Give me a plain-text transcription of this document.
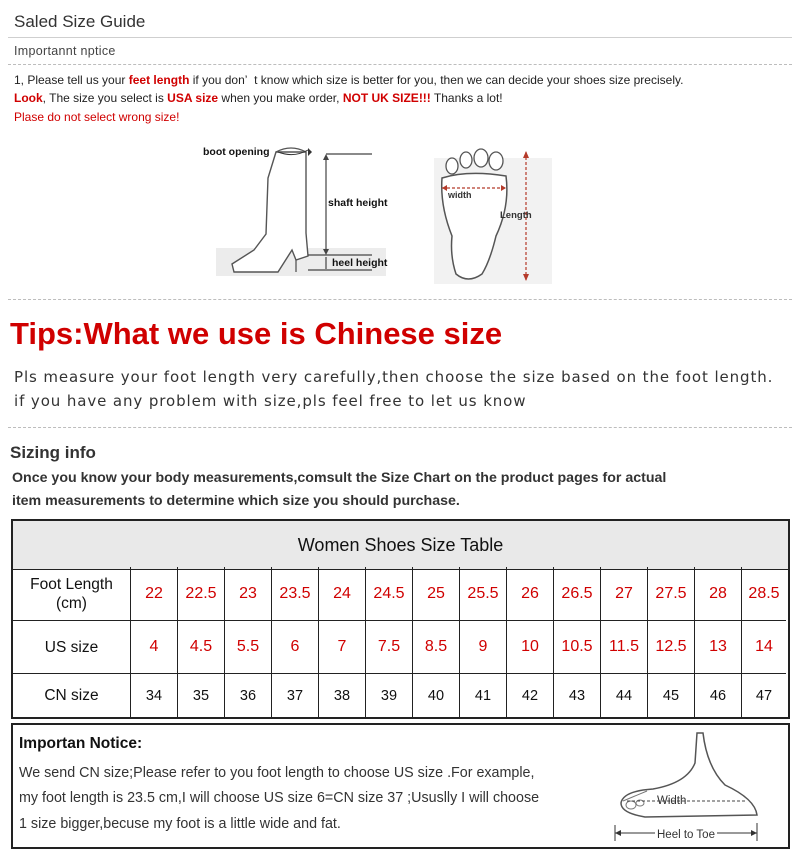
Saled Size Guide
Importannt nptice
1, Please tell us your feet length if you don’  t know which size is better for you, then we can decide your shoes size precisely.
Look, The size you select is USA size when you make order, NOT UK SIZE!!! Thanks a lot!
Plase do not select wrong size!
boot opening
shaft height
heel height
width
Length
Tips:What we use is Chinese size
Pls measure your foot length very carefully,then choose the size based on the foot length.
if you have any problem with size,pls feel free to let us know
Sizing info
Once you know your body measurements,comsult the Size Chart on the product pages for actual
item measurements to determine which size you should purchase.
Women Shoes Size Table
Foot Length
(cm)
22	22.5	23	23.5	24	24.5	25	25.5	26	26.5	27	27.5	28	28.5
US size	4	4.5	5.5	6	7	7.5	8.5	9	10	10.5	11.5	12.5	13	14
CN size	34	35	36	37	38	39	40	41	42	43	44	45	46	47
Importan Notice:
We send CN size;Please refer to you foot length to choose US size .For example,
my foot length is 23.5 cm,I will choose US size 6=CN size 37 ;Ususlly I will choose
1 size bigger,becuse my foot is a little wide and fat.
Width
Heel to Toe
